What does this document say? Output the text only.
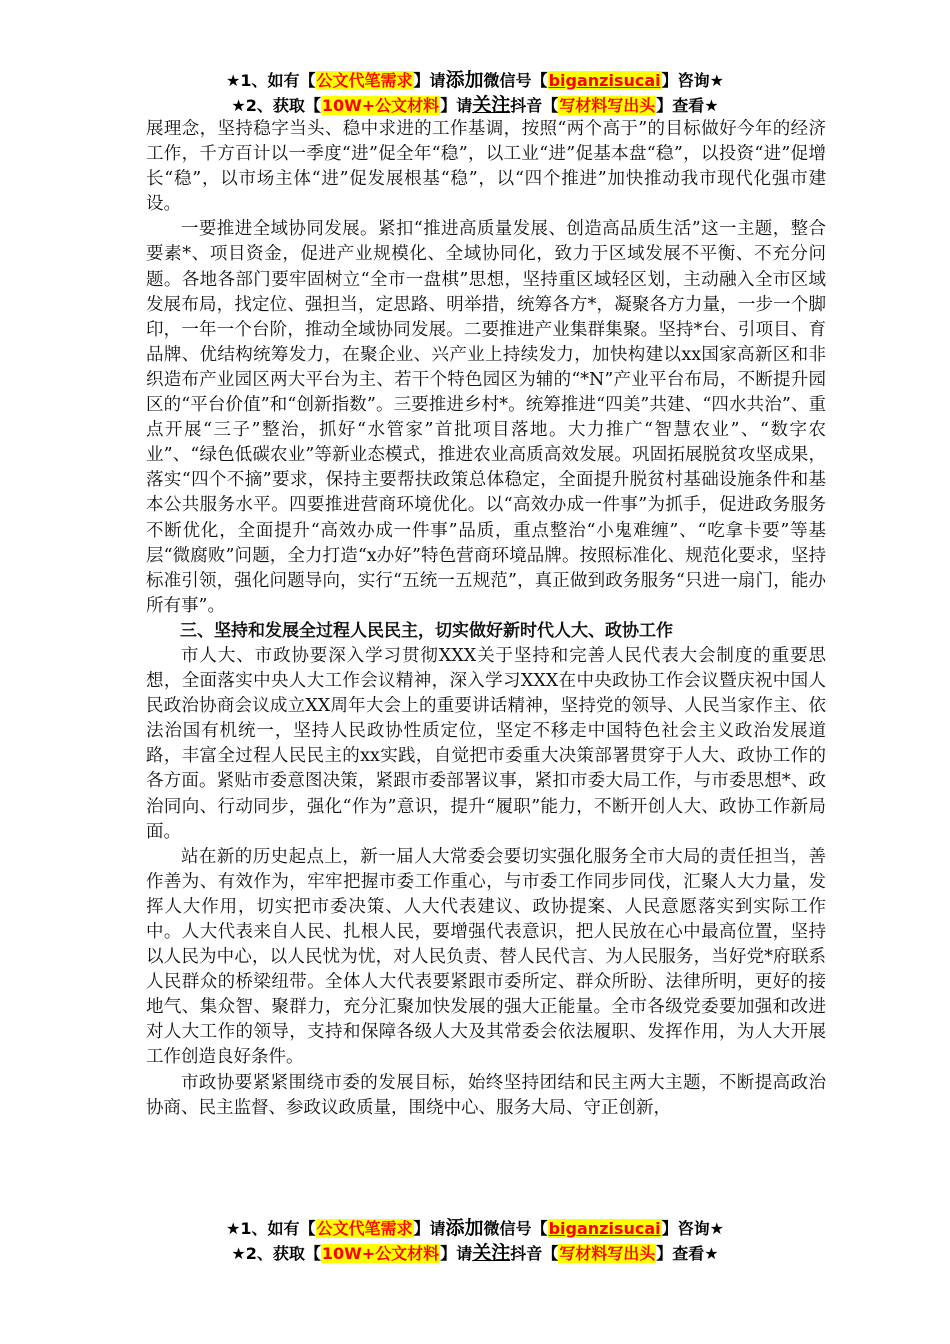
★1、如有【公文代笔需求】请添加微信号【biganzisucai】咨询★
★2、获取【10W+公文材料】请关注抖音【写材料写出头】查看★

展理念，坚持稳字当头、稳中求进的工作基调，按照“两个高于”的目标做好今年的经济工作，千方百计以一季度“进”促全年“稳”，以工业“进”促基本盘“稳”，以投资“进”促增长“稳”，以市场主体“进”促发展根基“稳”，以“四个推进”加快推动我市现代化强市建设。

一要推进全域协同发展。紧扣“推进高质量发展、创造高品质生活”这一主题，整合要素*、项目资金，促进产业规模化、全域协同化，致力于区域发展不平衡、不充分问题。各地各部门要牢固树立“全市一盘棋”思想，坚持重区域轻区划，主动融入全市区域发展布局，找定位、强担当，定思路、明举措，统筹各方*，凝聚各方力量，一步一个脚印，一年一个台阶，推动全域协同发展。二要推进产业集群集聚。坚持*台、引项目、育品牌、优结构统筹发力，在聚企业、兴产业上持续发力，加快构建以xx国家高新区和非织造布产业园区两大平台为主、若干个特色园区为辅的“*N”产业平台布局，不断提升园区的“平台价值”和“创新指数”。三要推进乡村*。统筹推进“四美”共建、“四水共治”、重点开展“三子”整治，抓好“水管家”首批项目落地。大力推广“智慧农业”、“数字农业”、“绿色低碳农业”等新业态模式，推进农业高质高效发展。巩固拓展脱贫攻坚成果，落实“四个不摘”要求，保持主要帮扶政策总体稳定，全面提升脱贫村基础设施条件和基本公共服务水平。四要推进营商环境优化。以“高效办成一件事”为抓手，促进政务服务不断优化，全面提升“高效办成一件事”品质，重点整治“小鬼难缠”、“吃拿卡要”等基层“微腐败”问题，全力打造“x办好”特色营商环境品牌。按照标准化、规范化要求，坚持标准引领，强化问题导向，实行“五统一五规范”，真正做到政务服务“只进一扇门，能办所有事”。

三、坚持和发展全过程人民民主，切实做好新时代人大、政协工作

市人大、市政协要深入学习贯彻XXX关于坚持和完善人民代表大会制度的重要思想，全面落实中央人大工作会议精神，深入学习XXX在中央政协工作会议暨庆祝中国人民政治协商会议成立XX周年大会上的重要讲话精神，坚持党的领导、人民当家作主、依法治国有机统一，坚持人民政协性质定位，坚定不移走中国特色社会主义政治发展道路，丰富全过程人民民主的xx实践，自觉把市委重大决策部署贯穿于人大、政协工作的各方面。紧贴市委意图决策，紧跟市委部署议事，紧扣市委大局工作，与市委思想*、政治同向、行动同步，强化“作为”意识，提升“履职”能力，不断开创人大、政协工作新局面。

站在新的历史起点上，新一届人大常委会要切实强化服务全市大局的责任担当，善作善为、有效作为，牢牢把握市委工作重心，与市委工作同步同伐，汇聚人大力量，发挥人大作用，切实把市委决策、人大代表建议、政协提案、人民意愿落实到实际工作中。人大代表来自人民、扎根人民，要增强代表意识，把人民放在心中最高位置，坚持以人民为中心，以人民忧为忧，对人民负责、替人民代言、为人民服务，当好党*府联系人民群众的桥梁纽带。全体人大代表要紧跟市委所定、群众所盼、法律所明，更好的接地气、集众智、聚群力，充分汇聚加快发展的强大正能量。全市各级党委要加强和改进对人大工作的领导，支持和保障各级人大及其常委会依法履职、发挥作用，为人大开展工作创造良好条件。

市政协要紧紧围绕市委的发展目标，始终坚持团结和民主两大主题，不断提高政治协商、民主监督、参政议政质量，围绕中心、服务大局、守正创新，

★1、如有【公文代笔需求】请添加微信号【biganzisucai】咨询★
★2、获取【10W+公文材料】请关注抖音【写材料写出头】查看★
